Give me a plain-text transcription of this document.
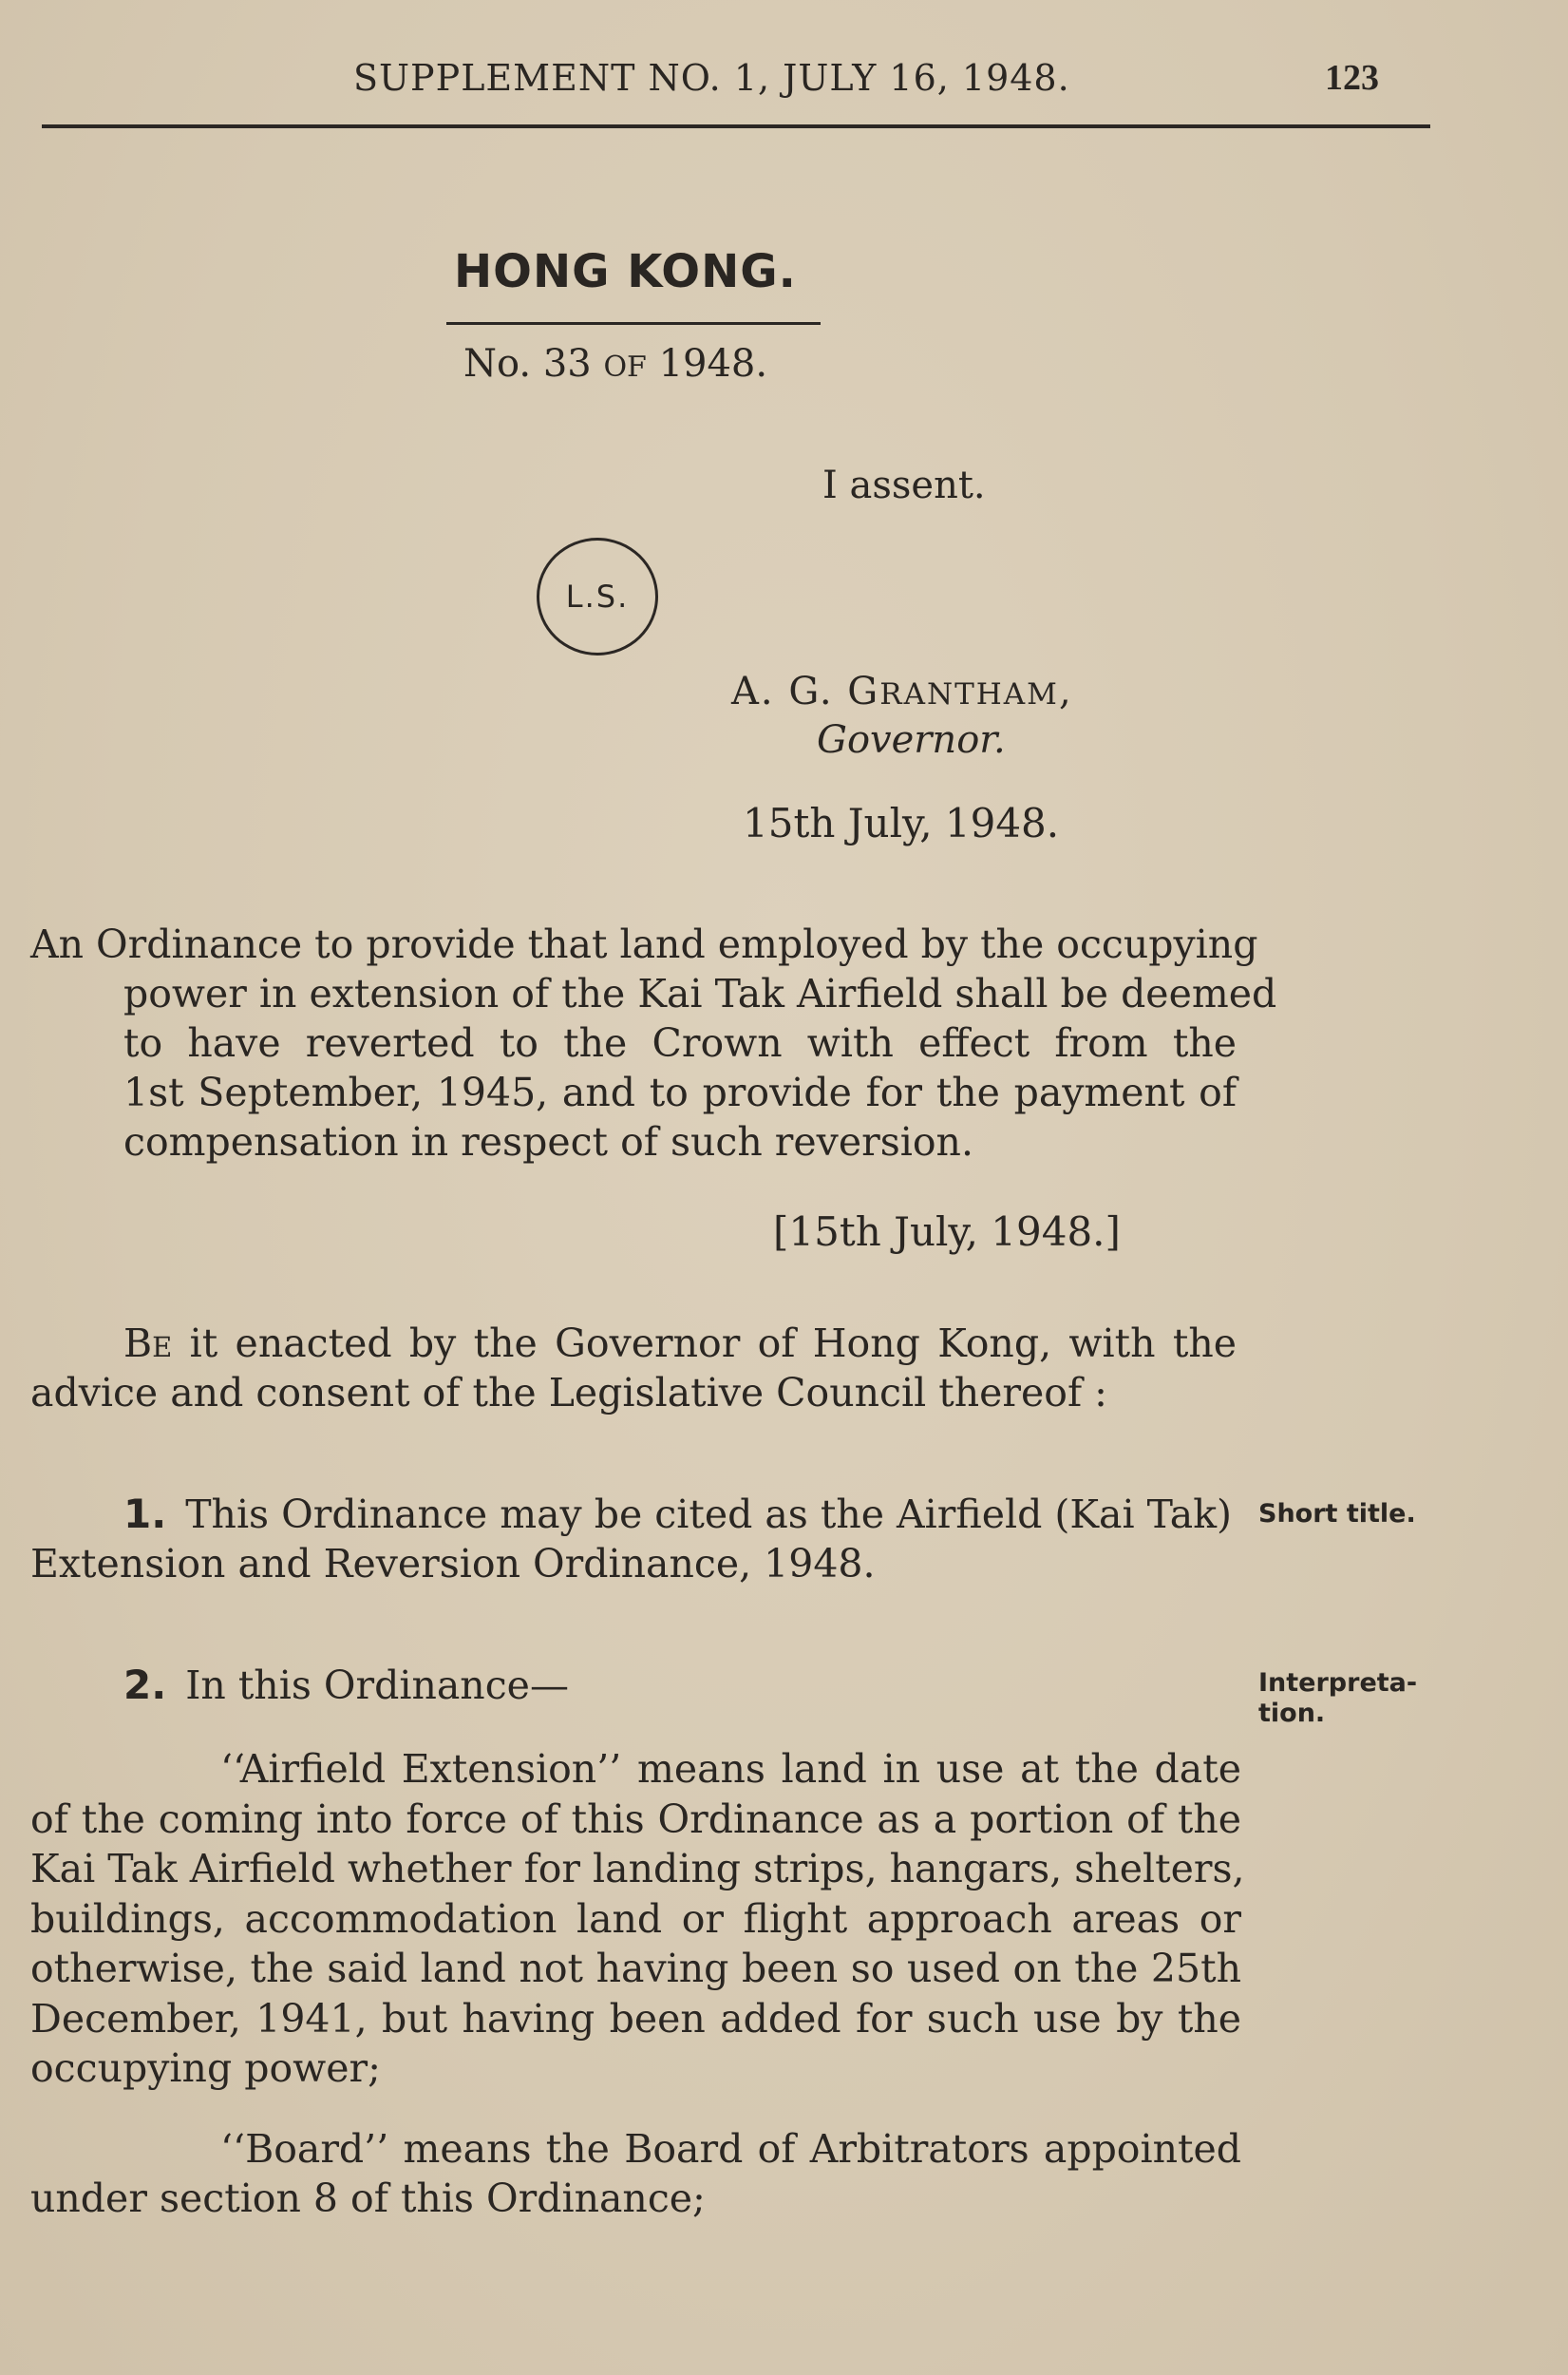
SUPPLEMENT NO. 1, JULY 16, 1948.	123
HONG KONG.
No. 33 OF 1948.
I assent.
L.S.
A. G. GRANTHAM,
Governor.
15th July, 1948.
An Ordinance to provide that land employed by the occupying
power in extension of the Kai Tak Airfield shall be deemed
to have reverted to the Crown with effect from the
1st September, 1945, and to provide for the payment of
compensation in respect of such reversion.
[15th July, 1948.]
Be it enacted by the Governor of Hong Kong, with the
advice and consent of the Legislative Council thereof :
1. This Ordinance may be cited as the Airfield (Kai Tak)
Extension and Reversion Ordinance, 1948.
Short title.
2. In this Ordinance—	Interpreta-
tion.
‘‘Airfield Extension’’ means land in use at the date
of the coming into force of this Ordinance as a portion of the
Kai Tak Airfield whether for landing strips, hangars, shelters,
buildings, accommodation land or flight approach areas or
otherwise, the said land not having been so used on the 25th
December, 1941, but having been added for such use by the
occupying power;
‘‘Board’’ means the Board of Arbitrators appointed
under section 8 of this Ordinance;
